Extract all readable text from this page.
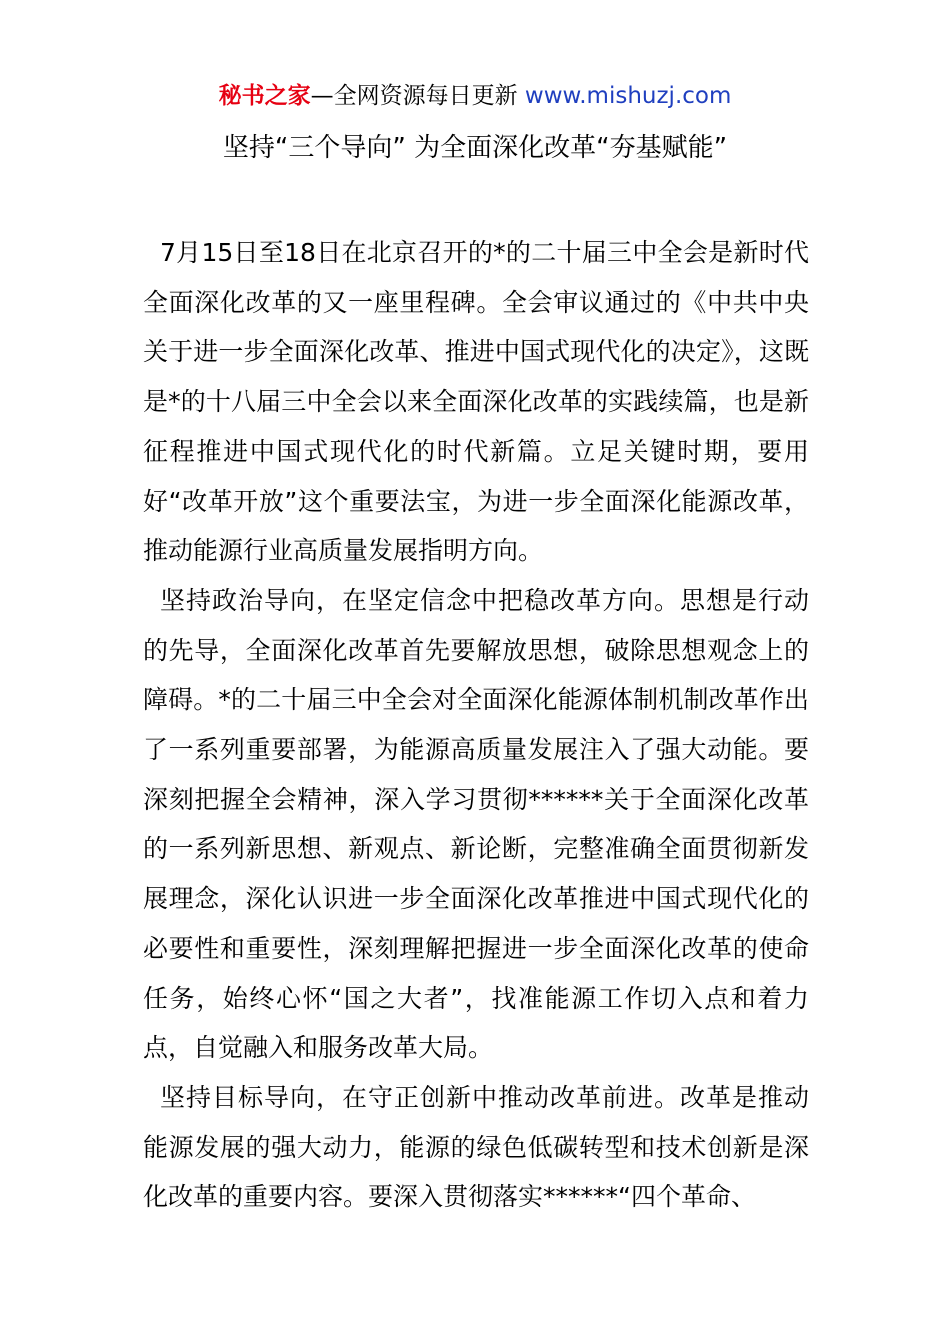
秘书之家—全网资源每日更新 www.mishuzj.com
坚持“三个导向” 为全面深化改革“夯基赋能”

7月15日至18日在北京召开的*的二十届三中全会是新时代全面深化改革的又一座里程碑。全会审议通过的《中共中央关于进一步全面深化改革、推进中国式现代化的决定》，这既是*的十八届三中全会以来全面深化改革的实践续篇，也是新征程推进中国式现代化的时代新篇。立足关键时期，要用好“改革开放”这个重要法宝，为进一步全面深化能源改革，推动能源行业高质量发展指明方向。

坚持政治导向，在坚定信念中把稳改革方向。思想是行动的先导，全面深化改革首先要解放思想，破除思想观念上的障碍。*的二十届三中全会对全面深化能源体制机制改革作出了一系列重要部署，为能源高质量发展注入了强大动能。要深刻把握全会精神，深入学习贯彻******关于全面深化改革的一系列新思想、新观点、新论断，完整准确全面贯彻新发展理念，深化认识进一步全面深化改革推进中国式现代化的必要性和重要性，深刻理解把握进一步全面深化改革的使命任务，始终心怀“国之大者”，找准能源工作切入点和着力点，自觉融入和服务改革大局。

坚持目标导向，在守正创新中推动改革前进。改革是推动能源发展的强大动力，能源的绿色低碳转型和技术创新是深化改革的重要内容。要深入贯彻落实******“四个革命、
